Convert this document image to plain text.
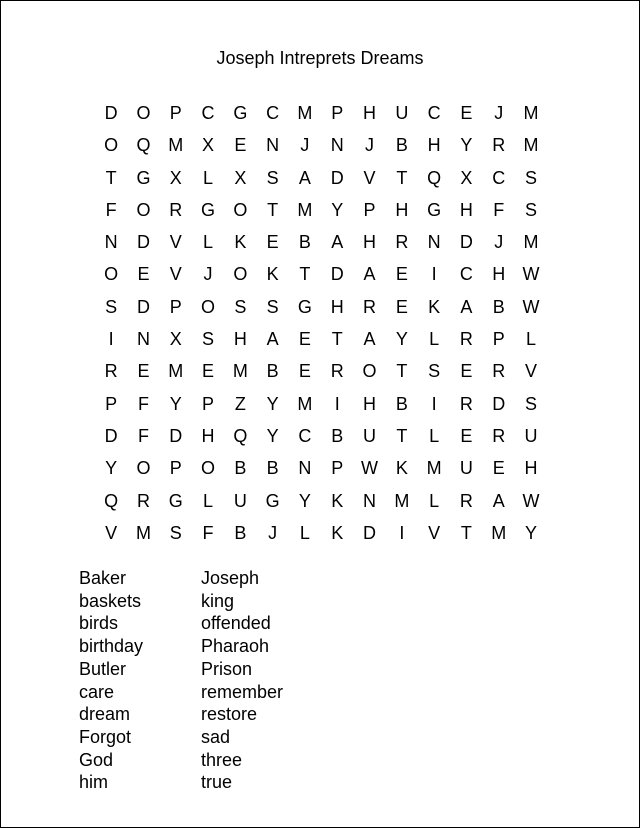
Joseph Intreprets Dreams
D	O	P	C	G	C	M	P	H	U	C	E	J	M
O	Q M	X	E	N	J	N	J	B	H	Y	R	M
T	G	X	L	X	S	A	D	V	T	Q	X	C	S
F	O	R	G	O	T	M	Y	P	H	G	H	F	S
N	D	V	L	K	E	B	A	H	R	N	D	J	M
O	E	V	J	O	K	T	D	A	E	I	C	H W
S	D	P	O	S	S	G	H	R	E	K	A	B W
I	N	X	S	H	A	E	T	A	Y	L	R	P	L
R	E	M	E	M	B	E	R	O	T	S	E	R	V
P	F	Y	P	Z	Y	M	I	H	B	I	R	D	S
D	F	D	H	Q	Y	C	B	U	T	L	E	R	U
Y	O	P	O	B	B	N	P W K	M	U	E	H
Q	R	G	L	U	G	Y	K	N	M	L	R	A W
V	M	S	F	B	J	L	K	D	I	V	T	M	Y
Baker
baskets
birds
birthday
Butler
care
dream
Forgot
God
him
Joseph
king
offended
Pharaoh
Prison
remember
restore
sad
three
true
